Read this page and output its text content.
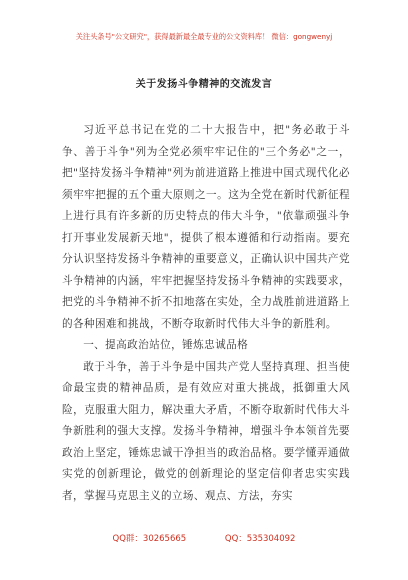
关注头条号"公文研究"，获得最新最全最专业的公文资料库！ 微信：gongwenyj
关于发扬斗争精神的交流发言

习近平总书记在党的二十大报告中，把"务必敢于斗争、善于斗争"列为全党必须牢牢记住的"三个务必"之一，把"坚持发扬斗争精神"列为前进道路上推进中国式现代化必须牢牢把握的五个重大原则之一。这为全党在新时代新征程上进行具有许多新的历史特点的伟大斗争，"依靠顽强斗争打开事业发展新天地"，提供了根本遵循和行动指南。要充分认识坚持发扬斗争精神的重要意义，正确认识中国共产党斗争精神的内涵，牢牢把握坚持发扬斗争精神的实践要求，把党的斗争精神不折不扣地落在实处，全力战胜前进道路上的各种困难和挑战，不断夺取新时代伟大斗争的新胜利。

一、提高政治站位，锤炼忠诚品格

敢于斗争，善于斗争是中国共产党人坚持真理、担当使命最宝贵的精神品质，是有效应对重大挑战，抵御重大风险，克服重大阻力，解决重大矛盾，不断夺取新时代伟大斗争新胜利的强大支撑。发扬斗争精神，增强斗争本领首先要政治上坚定，锤炼忠诚干净担当的政治品格。要学懂弄通做实党的创新理论，做党的创新理论的坚定信仰者忠实实践者，掌握马克思主义的立场、观点、方法，夯实

QQ群：30265665	QQ：535304092
